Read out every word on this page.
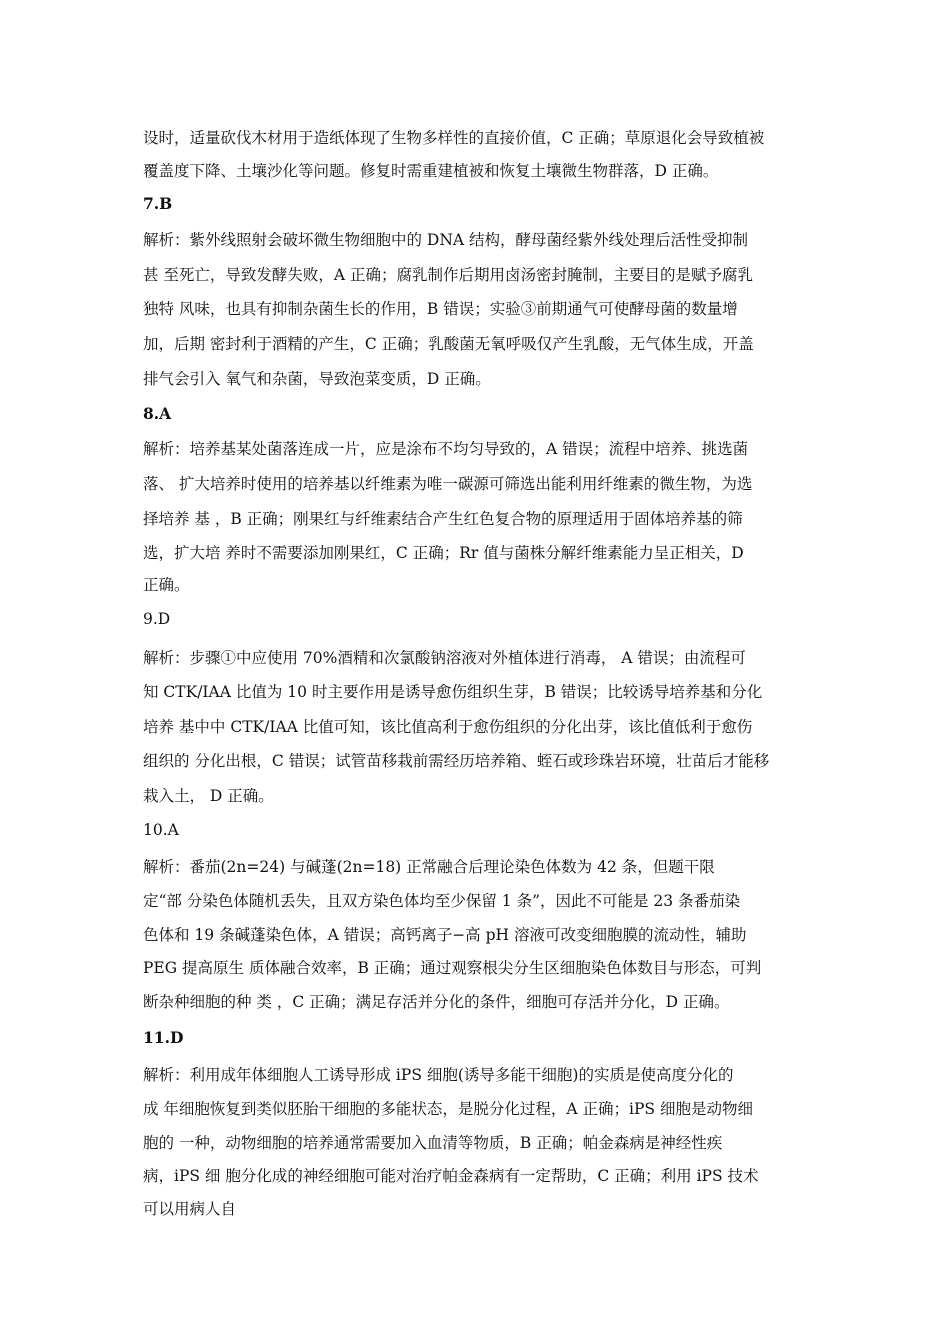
设时，适量砍伐木材用于造纸体现了生物多样性的直接价值，C 正确；草原退化会导致植被
覆盖度下降、土壤沙化等问题。修复时需重建植被和恢复土壤微生物群落，D 正确。
7.B
解析：紫外线照射会破坏微生物细胞中的 DNA 结构，酵母菌经紫外线处理后活性受抑制
甚 至死亡，导致发酵失败，A 正确；腐乳制作后期用卤汤密封腌制，主要目的是赋予腐乳
独特 风味，也具有抑制杂菌生长的作用，B 错误；实验③前期通气可使酵母菌的数量增
加，后期 密封利于酒精的产生，C 正确；乳酸菌无氧呼吸仅产生乳酸，无气体生成，开盖
排气会引入 氧气和杂菌，导致泡菜变质，D 正确。
8.A
解析：培养基某处菌落连成一片，应是涂布不均匀导致的，A 错误；流程中培养、挑选菌
落、 扩大培养时使用的培养基以纤维素为唯一碳源可筛选出能利用纤维素的微生物，为选
择培养 基 ，B 正确；刚果红与纤维素结合产生红色复合物的原理适用于固体培养基的筛
选，扩大培 养时不需要添加刚果红，C 正确；Rr 值与菌株分解纤维素能力呈正相关，D
正确。
9.D
解析：步骤①中应使用 70%酒精和次氯酸钠溶液对外植体进行消毒， A 错误；由流程可
知 CTK/IAA 比值为 10 时主要作用是诱导愈伤组织生芽，B 错误；比较诱导培养基和分化
培养 基中中 CTK/IAA 比值可知，该比值高利于愈伤组织的分化出芽，该比值低利于愈伤
组织的 分化出根，C 错误；试管苗移栽前需经历培养箱、蛭石或珍珠岩环境，壮苗后才能移
栽入土， D 正确。
10.A
解析：番茄(2n=24) 与碱蓬(2n=18) 正常融合后理论染色体数为 42 条，但题干限
定“部 分染色体随机丢失，且双方染色体均至少保留 1 条”，因此不可能是 23 条番茄染
色体和 19 条碱蓬染色体，A 错误；高钙离子−高 pH 溶液可改变细胞膜的流动性，辅助
PEG 提高原生 质体融合效率，B 正确；通过观察根尖分生区细胞染色体数目与形态，可判
断杂种细胞的种 类 ，C 正确；满足存活并分化的条件，细胞可存活并分化，D 正确。
11.D
解析：利用成年体细胞人工诱导形成 iPS 细胞(诱导多能干细胞)的实质是使高度分化的
成 年细胞恢复到类似胚胎干细胞的多能状态，是脱分化过程，A 正确；iPS 细胞是动物细
胞的 一种，动物细胞的培养通常需要加入血清等物质，B 正确；帕金森病是神经性疾
病，iPS 细 胞分化成的神经细胞可能对治疗帕金森病有一定帮助，C 正确；利用 iPS 技术
可以用病人自
